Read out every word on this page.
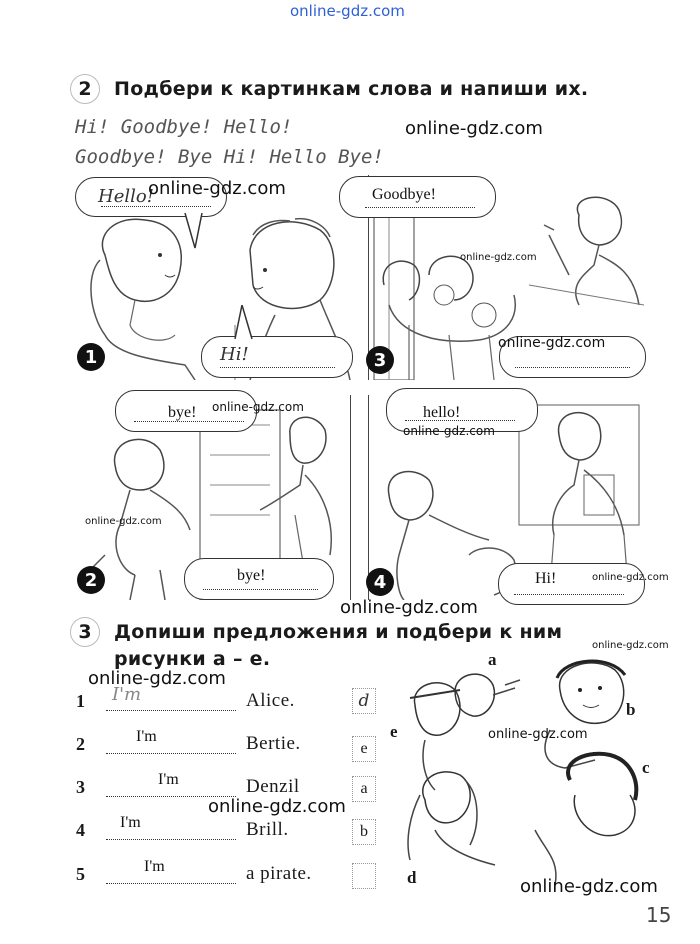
online-gdz.com
2	Подбери к картинкам слова и напиши их.
Hi! Goodbye! Hello!
Goodbye! Bye Hi! Hello Bye!
Hello!
Hi!
1
Goodbye!
3
bye!
bye!
2
hello!
Hi!
4
3	Допиши предложения и подбери к ним
рисунки а – е.
1 I'm	Alice.	d
2	I'm	Bertie.	e
3	I'm	Denzil	a
4 I'm	Brill.	b
5	I'm	a pirate.
a
b
c
d
e
15
online-gdz.com
online-gdz.com
online-gdz.com
online-gdz.com
online-gdz.com
online-gdz.com
online-gdz.com
online-gdz.com
online-gdz.com
online-gdz.com
online-gdz.com
online-gdz.com
online-gdz.com
online-gdz.com
